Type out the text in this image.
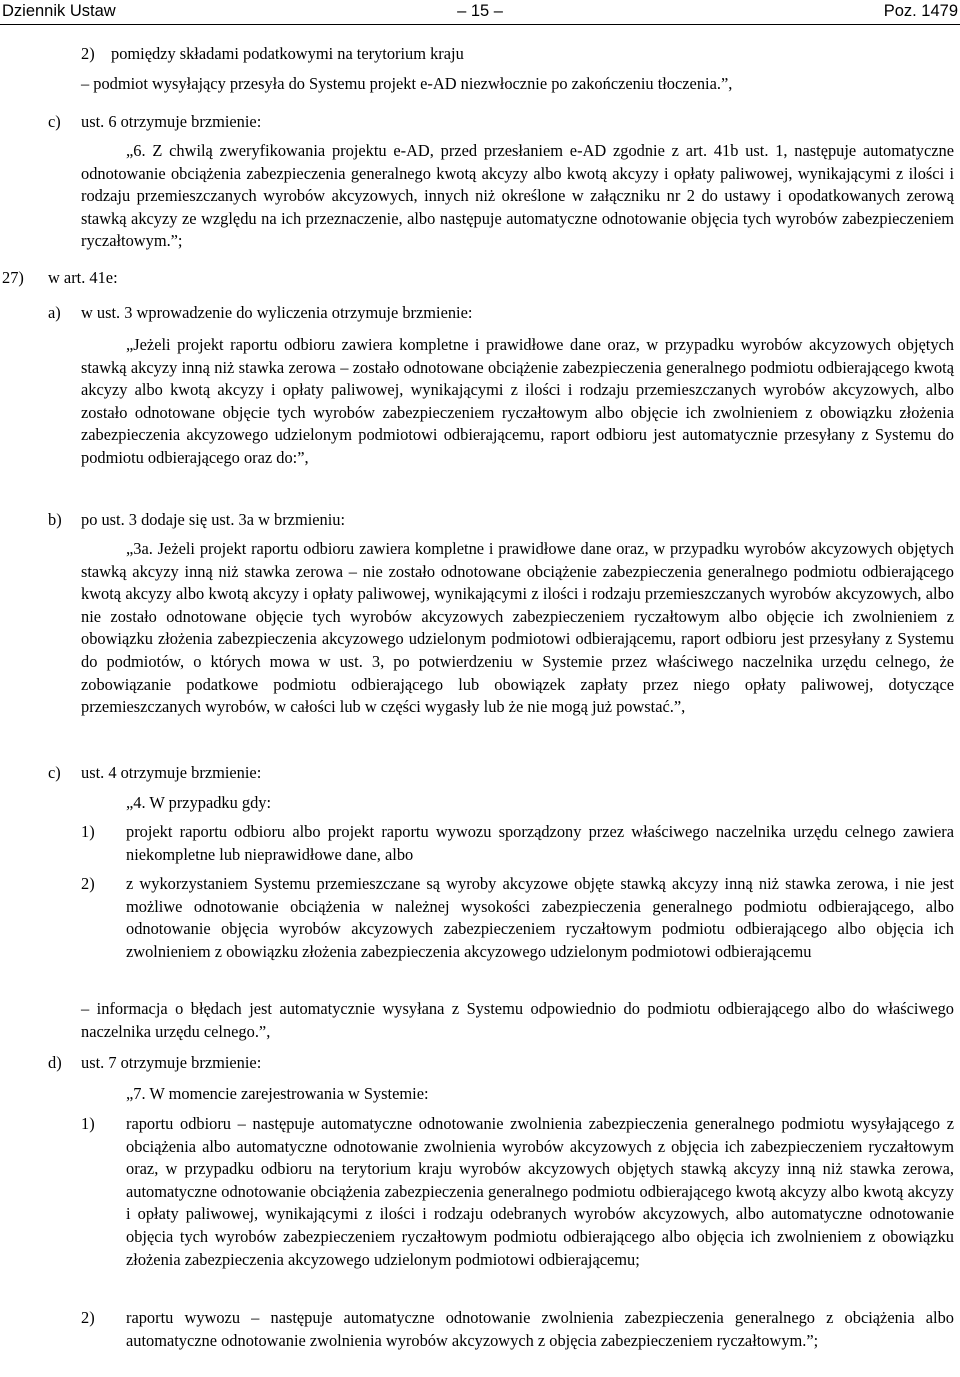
Dziennik Ustaw	– 15 –	Poz. 1479
2) pomiędzy składami podatkowymi na terytorium kraju
– podmiot wysyłający przesyła do Systemu projekt e-AD niezwłocznie po zakończeniu tłoczenia.”,
c) ust. 6 otrzymuje brzmienie:
„6. Z chwilą zweryfikowania projektu e-AD, przed przesłaniem e-AD zgodnie z art. 41b ust. 1, następuje automatyczne odnotowanie obciążenia zabezpieczenia generalnego kwotą akcyzy albo kwotą akcyzy i opłaty paliwowej, wynikającymi z ilości i rodzaju przemieszczanych wyrobów akcyzowych, innych niż określone w załączniku nr 2 do ustawy i opodatkowanych zerową stawką akcyzy ze względu na ich przeznaczenie, albo następuje automatyczne odnotowanie objęcia tych wyrobów zabezpieczeniem ryczałtowym.”;
27) w art. 41e:
a) w ust. 3 wprowadzenie do wyliczenia otrzymuje brzmienie:
„Jeżeli projekt raportu odbioru zawiera kompletne i prawidłowe dane oraz, w przypadku wyrobów akcyzowych objętych stawką akcyzy inną niż stawka zerowa – zostało odnotowane obciążenie zabezpieczenia generalnego podmiotu odbierającego kwotą akcyzy albo kwotą akcyzy i opłaty paliwowej, wynikającymi z ilości i rodzaju przemieszczanych wyrobów akcyzowych, albo zostało odnotowane objęcie tych wyrobów zabezpieczeniem ryczałtowym albo objęcie ich zwolnieniem z obowiązku złożenia zabezpieczenia akcyzowego udzielonym podmiotowi odbierającemu, raport odbioru jest automatycznie przesyłany z Systemu do podmiotu odbierającego oraz do:”,
b) po ust. 3 dodaje się ust. 3a w brzmieniu:
„3a. Jeżeli projekt raportu odbioru zawiera kompletne i prawidłowe dane oraz, w przypadku wyrobów akcyzowych objętych stawką akcyzy inną niż stawka zerowa – nie zostało odnotowane obciążenie zabezpieczenia generalnego podmiotu odbierającego kwotą akcyzy albo kwotą akcyzy i opłaty paliwowej, wynikającymi z ilości i rodzaju przemieszczanych wyrobów akcyzowych, albo nie zostało odnotowane objęcie tych wyrobów akcyzowych zabezpieczeniem ryczałtowym albo objęcie ich zwolnieniem z obowiązku złożenia zabezpieczenia akcyzowego udzielonym podmiotowi odbierającemu, raport odbioru jest przesyłany z Systemu do podmiotów, o których mowa w ust. 3, po potwierdzeniu w Systemie przez właściwego naczelnika urzędu celnego, że zobowiązanie podatkowe podmiotu odbierającego lub obowiązek zapłaty przez niego opłaty paliwowej, dotyczące przemieszczanych wyrobów, w całości lub w części wygasły lub że nie mogą już powstać.”,
c) ust. 4 otrzymuje brzmienie:
„4. W przypadku gdy:
1) projekt raportu odbioru albo projekt raportu wywozu sporządzony przez właściwego naczelnika urzędu celnego zawiera niekompletne lub nieprawidłowe dane, albo
2) z wykorzystaniem Systemu przemieszczane są wyroby akcyzowe objęte stawką akcyzy inną niż stawka zerowa, i nie jest możliwe odnotowanie obciążenia w należnej wysokości zabezpieczenia generalnego podmiotu odbierającego, albo odnotowanie objęcia wyrobów akcyzowych zabezpieczeniem ryczałtowym podmiotu odbierającego albo objęcia ich zwolnieniem z obowiązku złożenia zabezpieczenia akcyzowego udzielonym podmiotowi odbierającemu
– informacja o błędach jest automatycznie wysyłana z Systemu odpowiednio do podmiotu odbierającego albo do właściwego naczelnika urzędu celnego.”,
d) ust. 7 otrzymuje brzmienie:
„7. W momencie zarejestrowania w Systemie:
1) raportu odbioru – następuje automatyczne odnotowanie zwolnienia zabezpieczenia generalnego podmiotu wysyłającego z obciążenia albo automatyczne odnotowanie zwolnienia wyrobów akcyzowych z objęcia ich zabezpieczeniem ryczałtowym oraz, w przypadku odbioru na terytorium kraju wyrobów akcyzowych objętych stawką akcyzy inną niż stawka zerowa, automatyczne odnotowanie obciążenia zabezpieczenia generalnego podmiotu odbierającego kwotą akcyzy albo kwotą akcyzy i opłaty paliwowej, wynikającymi z ilości i rodzaju odebranych wyrobów akcyzowych, albo automatyczne odnotowanie objęcia tych wyrobów zabezpieczeniem ryczałtowym podmiotu odbierającego albo objęcia ich zwolnieniem z obowiązku złożenia zabezpieczenia akcyzowego udzielonym podmiotowi odbierającemu;
2) raportu wywozu – następuje automatyczne odnotowanie zwolnienia zabezpieczenia generalnego z obciążenia albo automatyczne odnotowanie zwolnienia wyrobów akcyzowych z objęcia zabezpieczeniem ryczałtowym.”;
